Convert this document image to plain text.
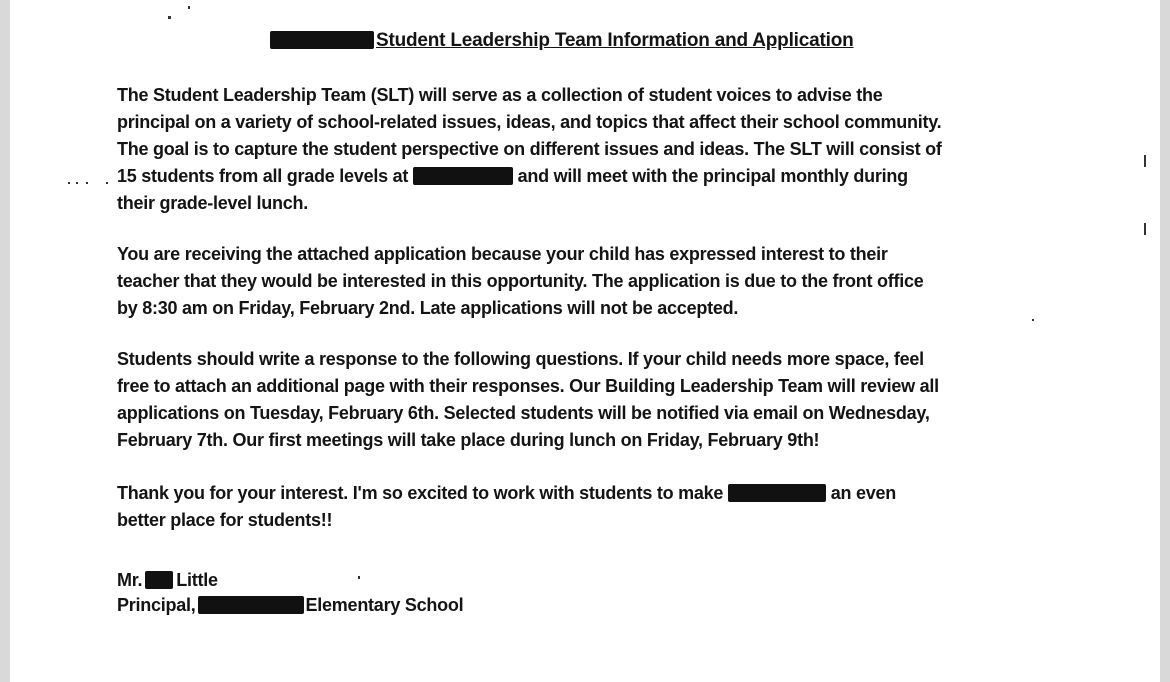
Student Leadership Team Information and Application
The Student Leadership Team (SLT) will serve as a collection of student voices to advise the
principal on a variety of school-related issues, ideas, and topics that affect their school community.
The goal is to capture the student perspective on different issues and ideas. The SLT will consist of
15 students from all grade levels at	and will meet with the principal monthly during
their grade-level lunch.
You are receiving the attached application because your child has expressed interest to their
teacher that they would be interested in this opportunity. The application is due to the front office
by 8:30 am on Friday, February 2nd. Late applications will not be accepted.
Students should write a response to the following questions. If your child needs more space, feel
free to attach an additional page with their responses. Our Building Leadership Team will review all
applications on Tuesday, February 6th. Selected students will be notified via email on Wednesday,
February 7th. Our first meetings will take place during lunch on Friday, February 9th!
Thank you for your interest. I'm so excited to work with students to make	an even
better place for students!!
Mr. Little
Principal,	Elementary School
